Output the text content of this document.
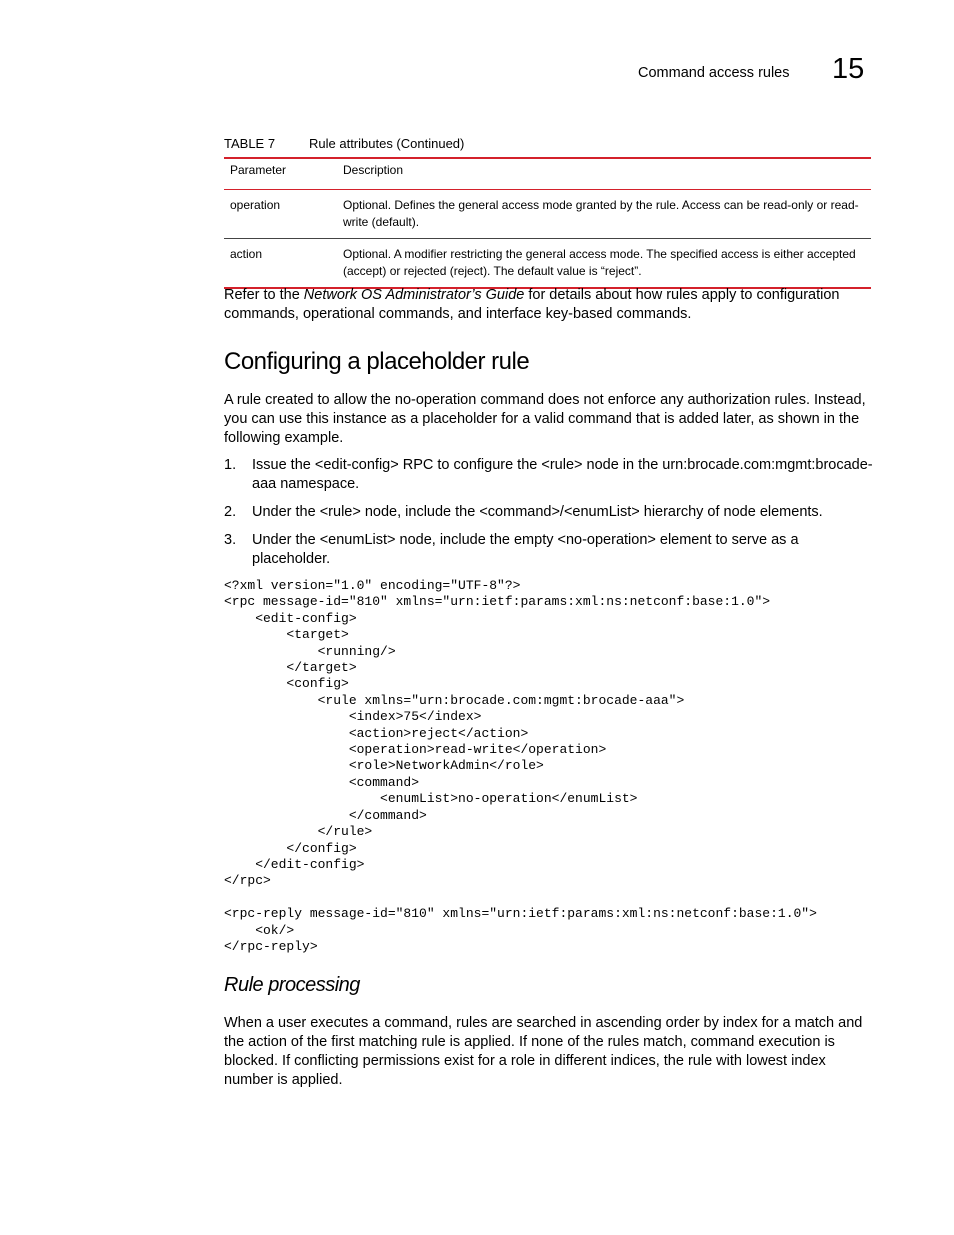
Command access rules 15
TABLE 7	Rule attributes (Continued)
Parameter	Description
operation	Optional. Defines the general access mode granted by the rule. Access can be read-only or read-write (default).
action	Optional. A modifier restricting the general access mode. The specified access is either accepted (accept) or rejected (reject). The default value is “reject”.

Refer to the Network OS Administrator’s Guide for details about how rules apply to configuration commands, operational commands, and interface key-based commands.

Configuring a placeholder rule

A rule created to allow the no-operation command does not enforce any authorization rules. Instead, you can use this instance as a placeholder for a valid command that is added later, as shown in the following example.

1. Issue the <edit-config> RPC to configure the <rule> node in the urn:brocade.com:mgmt:brocade-aaa namespace.
2. Under the <rule> node, include the <command>/<enumList> hierarchy of node elements.
3. Under the <enumList> node, include the empty <no-operation> element to serve as a placeholder.
<?xml version="1.0" encoding="UTF-8"?>
<rpc message-id="810" xmlns="urn:ietf:params:xml:ns:netconf:base:1.0">
<edit-config>
<target>
<running/>
</target>
<config>
<rule xmlns="urn:brocade.com:mgmt:brocade-aaa">
<index>75</index>
<action>reject</action>
<operation>read-write</operation>
<role>NetworkAdmin</role>
<command>
<enumList>no-operation</enumList>
</command>
</rule>
</config>
</edit-config>
</rpc>

<rpc-reply message-id="810" xmlns="urn:ietf:params:xml:ns:netconf:base:1.0">
<ok/>
</rpc-reply>
Rule processing

When a user executes a command, rules are searched in ascending order by index for a match and the action of the first matching rule is applied. If none of the rules match, command execution is blocked. If conflicting permissions exist for a role in different indices, the rule with lowest index number is applied.
